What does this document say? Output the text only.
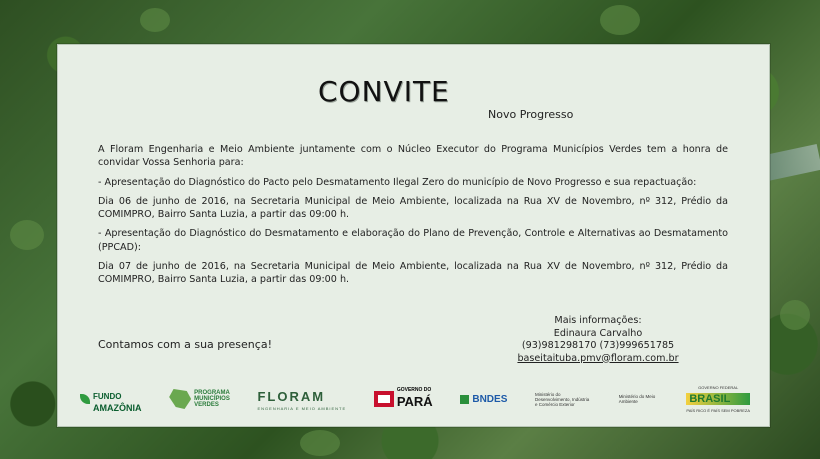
CONVITE
Novo Progresso

A Floram Engenharia e Meio Ambiente juntamente com o Núcleo Executor do Programa Municípios Verdes tem a honra de convidar Vossa Senhoria para:

- Apresentação do Diagnóstico do Pacto pelo Desmatamento Ilegal Zero do município de Novo Progresso e sua repactuação:

Dia 06 de junho de 2016, na Secretaria Municipal de Meio Ambiente, localizada na Rua XV de Novembro, nº 312, Prédio da COMIMPRO, Bairro Santa Luzia, a partir das 09:00 h.

- Apresentação do Diagnóstico do Desmatamento e elaboração do Plano de Prevenção, Controle e Alternativas ao Desmatamento (PPCAD):

Dia 07 de junho de 2016, na Secretaria Municipal de Meio Ambiente, localizada na Rua XV de Novembro, nº 312, Prédio da COMIMPRO, Bairro Santa Luzia, a partir das 09:00 h.

Contamos com a sua presença!
Mais informações:
Edinaura Carvalho
(93)981298170 (73)999651785
baseitaituba.pmv@floram.com.br
FUNDO
AMAZÔNIA
PROGRAMA
MUNICÍPIOS
VERDES
FLORAM
ENGENHARIA E MEIO AMBIENTE
GOVERNO DO
PARÁ	BNDES	Ministério do Desenvolvimento, Indústria e Comércio Exterior
Ministério do Meio Ambiente
GOVERNO FEDERAL
BRASIL
PAÍS RICO É PAÍS SEM POBREZA
